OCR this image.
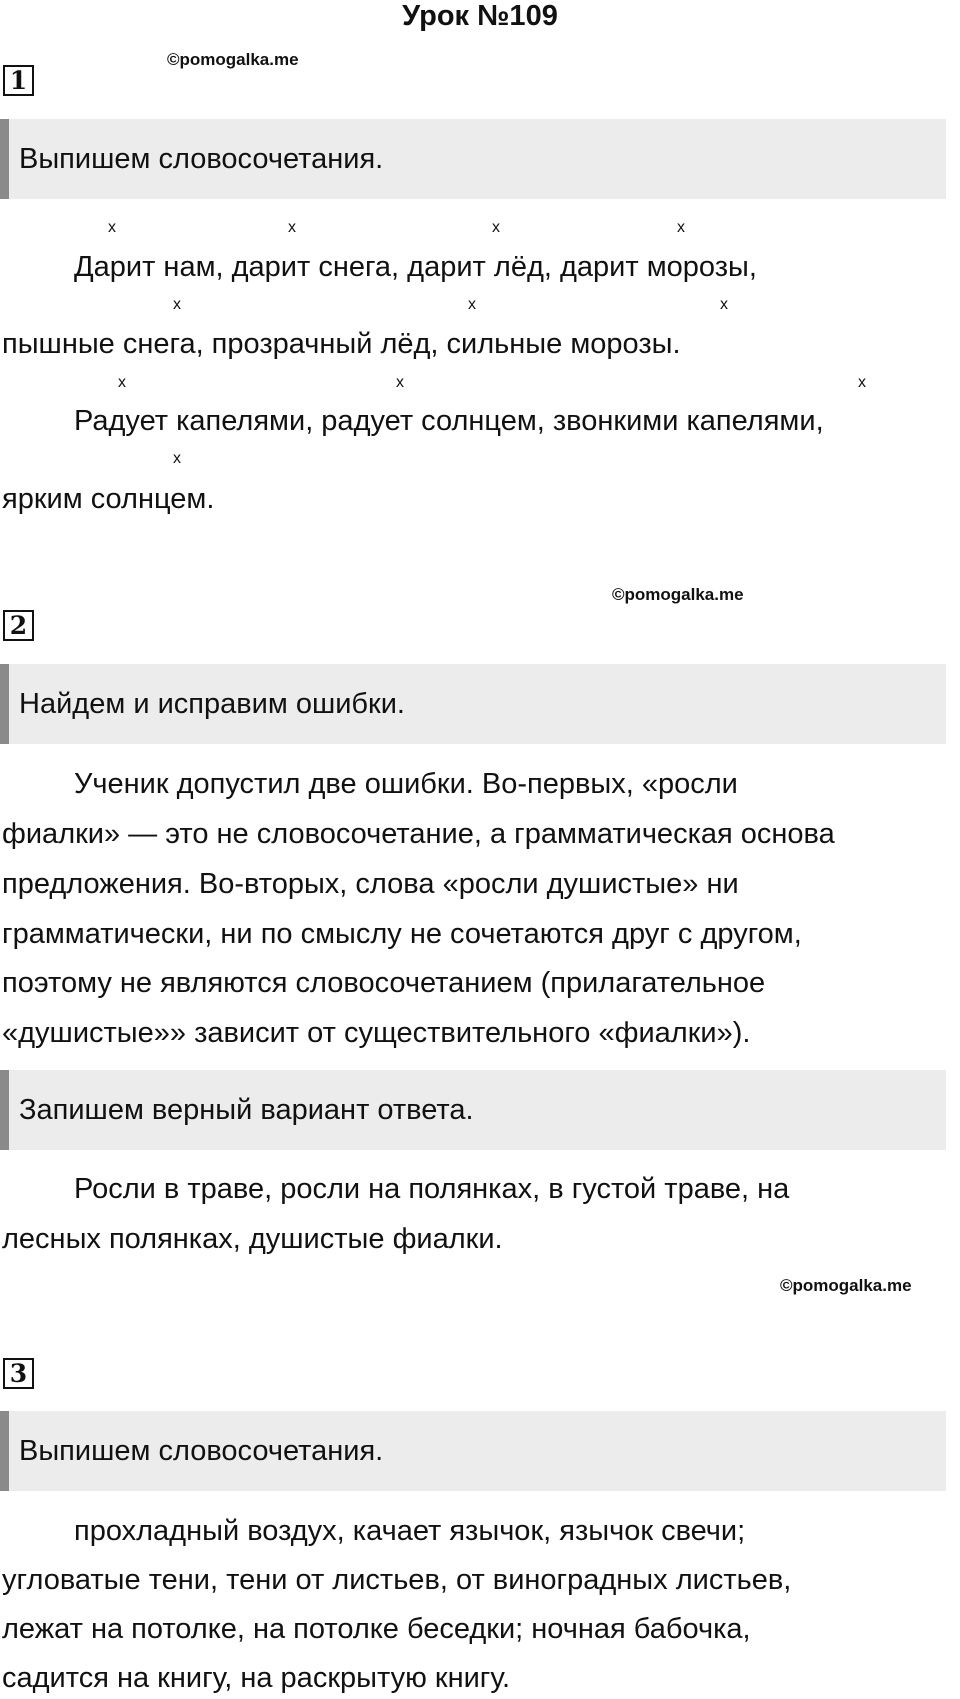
Урок №109
1
©pomogalka.me
Выпишем словосочетания.
x	x	x	x
Дарит нам, дарит снега, дарит лёд, дарит морозы,
x	x	x
пышные снега, прозрачный лёд, сильные морозы.
x	x	x
Радует капелями, радует солнцем, звонкими капелями,
x
ярким солнцем.
©pomogalka.me
2
Найдем и исправим ошибки.
Ученик допустил две ошибки. Во-первых, «росли
фиалки» — это не словосочетание, а грамматическая основа
предложения. Во-вторых, слова «росли душистые» ни
грамматически, ни по смыслу не сочетаются друг с другом,
поэтому не являются словосочетанием (прилагательное
«душистые»» зависит от существительного «фиалки»).
Запишем верный вариант ответа.
Росли в траве, росли на полянках, в густой траве, на
лесных полянках, душистые фиалки.
©pomogalka.me
3
Выпишем словосочетания.
прохладный воздух, качает язычок, язычок свечи;
угловатые тени, тени от листьев, от виноградных листьев,
лежат на потолке, на потолке беседки; ночная бабочка,
садится на книгу, на раскрытую книгу.
